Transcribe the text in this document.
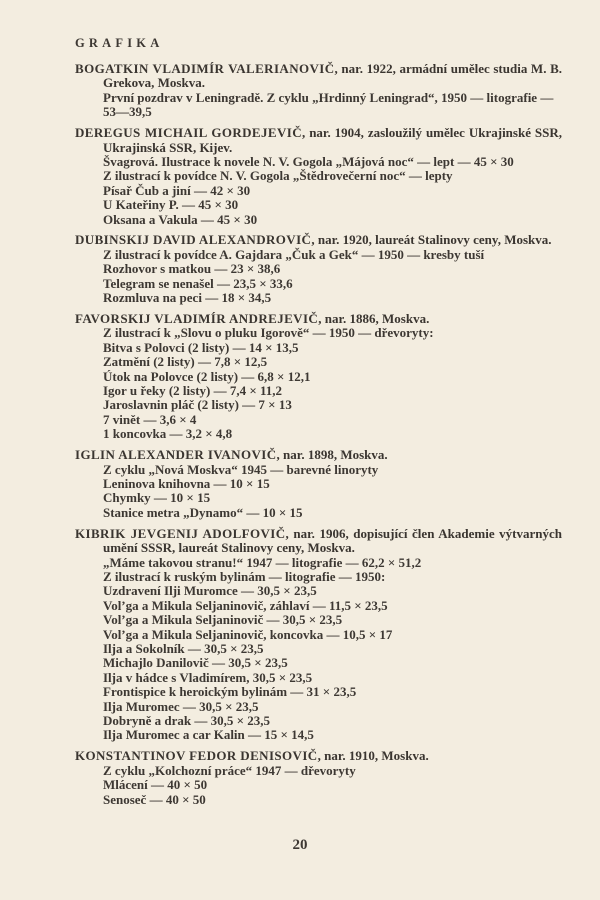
GRAFIKA
BOGATKIN VLADIMÍR VALERIANOVIČ, nar. 1922, armádní umělec studia M. B. Grekova, Moskva.
První pozdrav v Leningradě. Z cyklu „Hrdinný Leningrad“, 1950 — litografie — 53—39,5
DEREGUS MICHAIL GORDEJEVIČ, nar. 1904, zasloužilý umělec Ukrajinské SSR, Ukrajinská SSR, Kijev.
Švagrová. Ilustrace k novele N. V. Gogola „Májová noc“ — lept — 45 × 30
Z ilustrací k povídce N. V. Gogola „Štědrovečerní noc“ — lepty
Písař Čub a jiní — 42 × 30
U Kateřiny P. — 45 × 30
Oksana a Vakula — 45 × 30
DUBINSKIJ DAVID ALEXANDROVIČ, nar. 1920, laureát Stalinovy ceny, Moskva.
Z ilustrací k povídce A. Gajdara „Čuk a Gek“ — 1950 — kresby tuší
Rozhovor s matkou — 23 × 38,6
Telegram se nenašel — 23,5 × 33,6
Rozmluva na peci — 18 × 34,5
FAVORSKIJ VLADIMÍR ANDREJEVIČ, nar. 1886, Moskva.
Z ilustrací k „Slovu o pluku Igorově“ — 1950 — dřevoryty:
Bitva s Polovci (2 listy) — 14 × 13,5
Zatmění (2 listy) — 7,8 × 12,5
Útok na Polovce (2 listy) — 6,8 × 12,1
Igor u řeky (2 listy) — 7,4 × 11,2
Jaroslavnin pláč (2 listy) — 7 × 13
7 vinět — 3,6 × 4
1 koncovka — 3,2 × 4,8
IGLIN ALEXANDER IVANOVIČ, nar. 1898, Moskva.
Z cyklu „Nová Moskva“ 1945 — barevné linoryty
Leninova knihovna — 10 × 15
Chymky — 10 × 15
Stanice metra „Dynamo“ — 10 × 15
KIBRIK JEVGENIJ ADOLFOVIČ, nar. 1906, dopisující člen Akademie výtvarných umění SSSR, laureát Stalinovy ceny, Moskva.
„Máme takovou stranu!“ 1947 — litografie — 62,2 × 51,2
Z ilustrací k ruským bylinám — litografie — 1950:
Uzdravení Ilji Muromce — 30,5 × 23,5
Vol’ga a Mikula Seljaninovič, záhlaví — 11,5 × 23,5
Vol’ga a Mikula Seljaninovič — 30,5 × 23,5
Vol’ga a Mikula Seljaninovič, koncovka — 10,5 × 17
Ilja a Sokolník — 30,5 × 23,5
Michajlo Danilovič — 30,5 × 23,5
Ilja v hádce s Vladimírem, 30,5 × 23,5
Frontispice k heroickým bylinám — 31 × 23,5
Ilja Muromec — 30,5 × 23,5
Dobryně a drak — 30,5 × 23,5
Ilja Muromec a car Kalin — 15 × 14,5
KONSTANTINOV FEDOR DENISOVIČ, nar. 1910, Moskva.
Z cyklu „Kolchozní práce“ 1947 — dřevoryty
Mlácení — 40 × 50
Senoseč — 40 × 50
20
